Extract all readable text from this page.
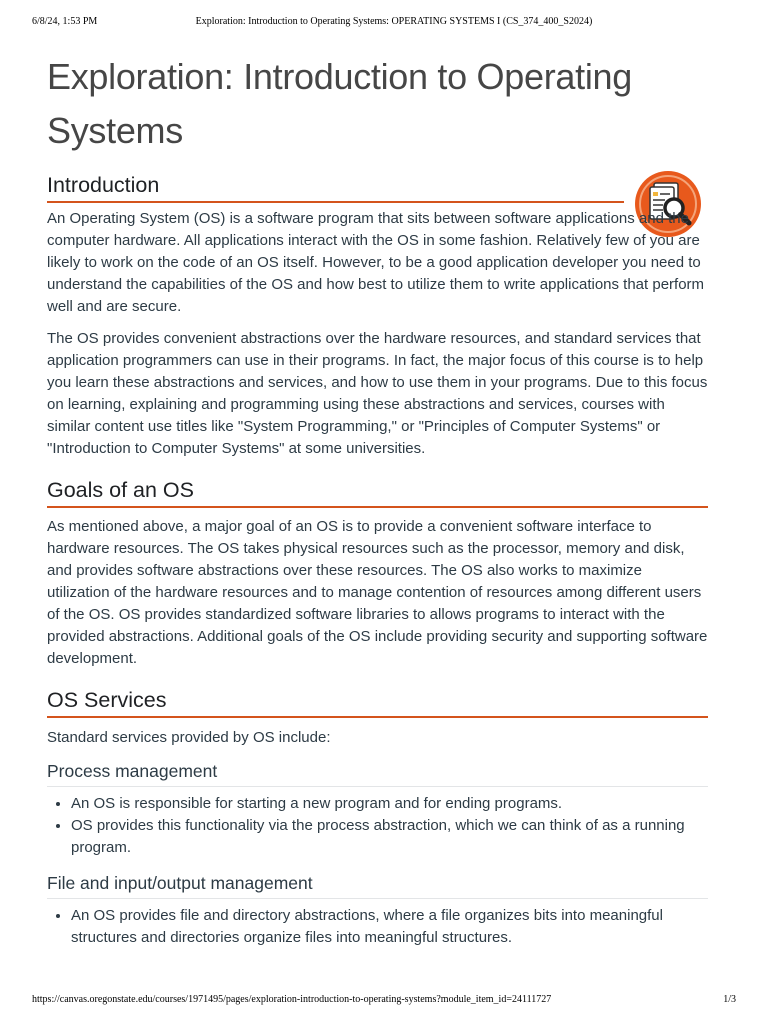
6/8/24, 1:53 PM	Exploration: Introduction to Operating Systems: OPERATING SYSTEMS I (CS_374_400_S2024)
Exploration: Introduction to Operating Systems
Introduction

An Operating System (OS) is a software program that sits between software applications and the computer hardware. All applications interact with the OS in some fashion. Relatively few of you are likely to work on the code of an OS itself. However, to be a good application developer you need to understand the capabilities of the OS and how best to utilize them to write applications that perform well and are secure.

The OS provides convenient abstractions over the hardware resources, and standard services that application programmers can use in their programs. In fact, the major focus of this course is to help you learn these abstractions and services, and how to use them in your programs. Due to this focus on learning, explaining and programming using these abstractions and services, courses with similar content use titles like "System Programming," or "Principles of Computer Systems" or "Introduction to Computer Systems" at some universities.

Goals of an OS

As mentioned above, a major goal of an OS is to provide a convenient software interface to hardware resources. The OS takes physical resources such as the processor, memory and disk, and provides software abstractions over these resources. The OS also works to maximize utilization of the hardware resources and to manage contention of resources among different users of the OS. OS provides standardized software libraries to allows programs to interact with the provided abstractions. Additional goals of the OS include providing security and supporting software development.

OS Services

Standard services provided by OS include:

Process management
• An OS is responsible for starting a new program and for ending programs.
• OS provides this functionality via the process abstraction, which we can think of as a running program.
File and input/output management
• An OS provides file and directory abstractions, where a file organizes bits into meaningful structures and directories organize files into meaningful structures.
https://canvas.oregonstate.edu/courses/1971495/pages/exploration-introduction-to-operating-systems?module_item_id=24111727	1/3
